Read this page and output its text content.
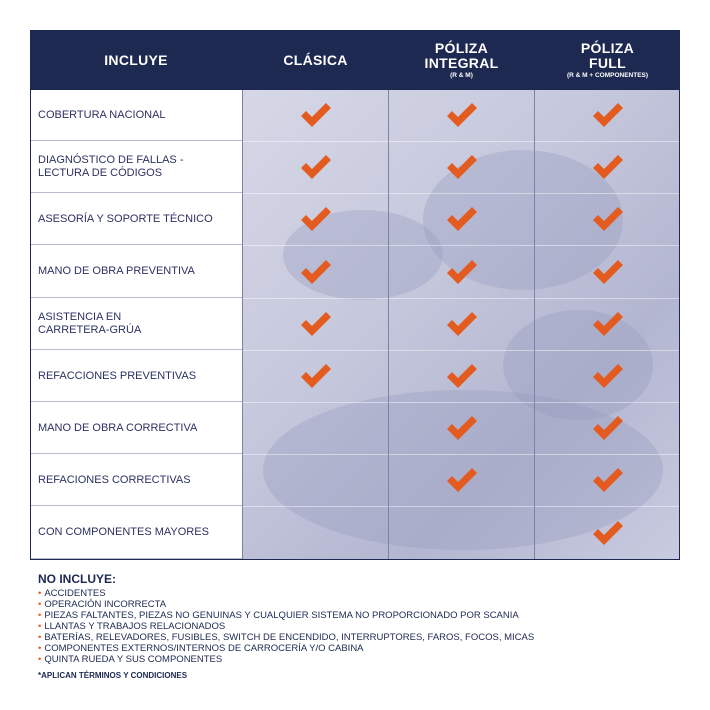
INCLUYE	CLÁSICA
PÓLIZA
INTEGRAL
(R & M)
PÓLIZA
FULL
(R & M + COMPONENTES)
COBERTURA NACIONAL
DIAGNÓSTICO DE FALLAS -
LECTURA DE CÓDIGOS
ASESORÍA Y SOPORTE TÉCNICO
MANO DE OBRA PREVENTIVA
ASISTENCIA EN
CARRETERA-GRÚA
REFACCIONES PREVENTIVAS
MANO DE OBRA CORRECTIVA
REFACIONES CORRECTIVAS
CON COMPONENTES MAYORES
NO INCLUYE:
• ACCIDENTES
• OPERACIÓN INCORRECTA
• PIEZAS FALTANTES, PIEZAS NO GENUINAS Y CUALQUIER SISTEMA NO PROPORCIONADO POR SCANIA
• LLANTAS Y TRABAJOS RELACIONADOS
• BATERÍAS, RELEVADORES, FUSIBLES, SWITCH DE ENCENDIDO, INTERRUPTORES, FAROS, FOCOS, MICAS
• COMPONENTES EXTERNOS/INTERNOS DE CARROCERÍA Y/O CABINA
• QUINTA RUEDA Y SUS COMPONENTES
*APLICAN TÉRMINOS Y CONDICIONES
